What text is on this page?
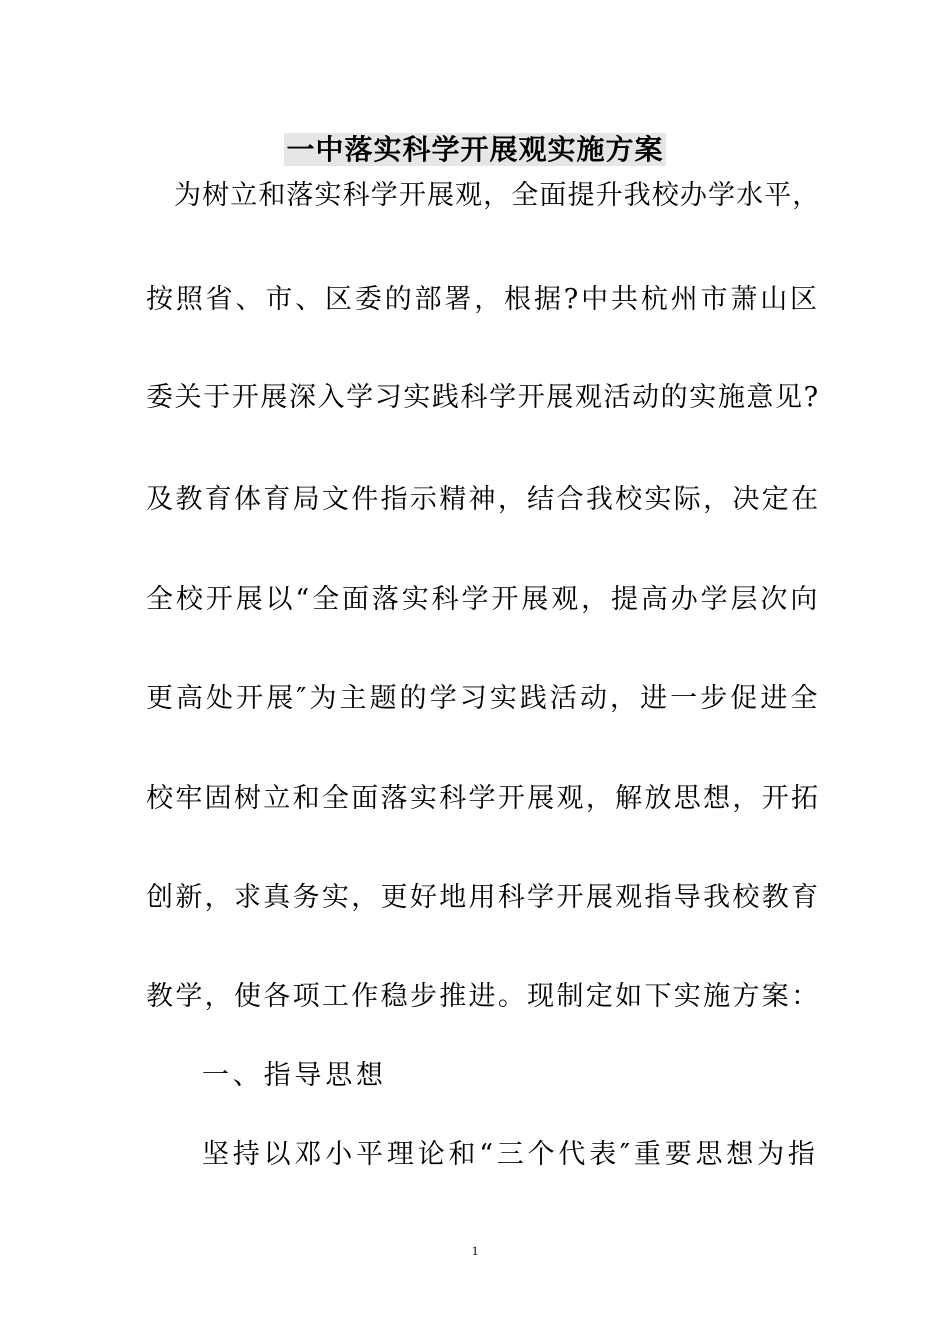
一中落实科学开展观实施方案
为树立和落实科学开展观，全面提升我校办学水平，
按照省、市、区委的部署，根据?中共杭州市萧山区
委关于开展深入学习实践科学开展观活动的实施意见?
及教育体育局文件指示精神，结合我校实际，决定在
全校开展以“全面落实科学开展观，提高办学层次向
更高处开展″为主题的学习实践活动，进一步促进全
校牢固树立和全面落实科学开展观，解放思想，开拓
创新，求真务实，更好地用科学开展观指导我校教育
教学，使各项工作稳步推进。现制定如下实施方案：
一、指导思想
坚持以邓小平理论和“三个代表″重要思想为指
1
